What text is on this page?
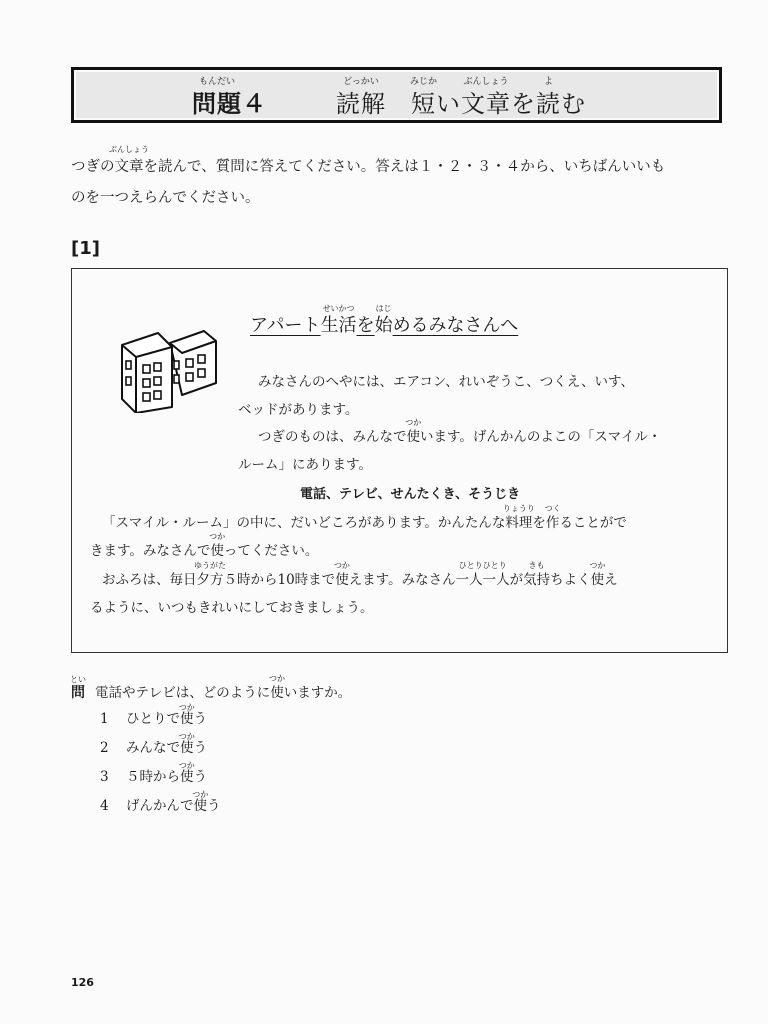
問題
もんだい
４	読解
どっかい
　短
みじか
い文章
ぶんしょう
を読
よ
む
つぎの文章
ぶんしょう
を読んで、質問に答えてください。答えは１・２・３・４から、いちばんいいも
のを一つえらんでください。
[1]
アパート生活
せいかつ
を始
はじ
めるみなさんへ
みなさんのへやには、エアコン、れいぞうこ、つくえ、いす、
ベッドがあります。
つぎのものは、みんなで使
つか
います。げんかんのよこの「スマイル・
ルーム」にあります。
電話、テレビ、せんたくき、そうじき
「スマイル・ルーム」の中に、だいどころがあります。かんたんな料理
りょうり
を作
つく
ることがで
きます。みなさんで使
つか
ってください。
おふろは、毎日夕方
ゆうがた
５時から10時まで使
つか
えます。みなさん一人一人
ひとりひとり
が気持
きも
ちよく使
つか
え
るように、いつもきれいにしておきましょう。
問
とい
電話やテレビは、どのように使
つか
いますか。
1 ひとりで使
つか
う
2 みんなで使
つか
う
3 ５時から使
つか
う
4 げんかんで使
つか
う
126
